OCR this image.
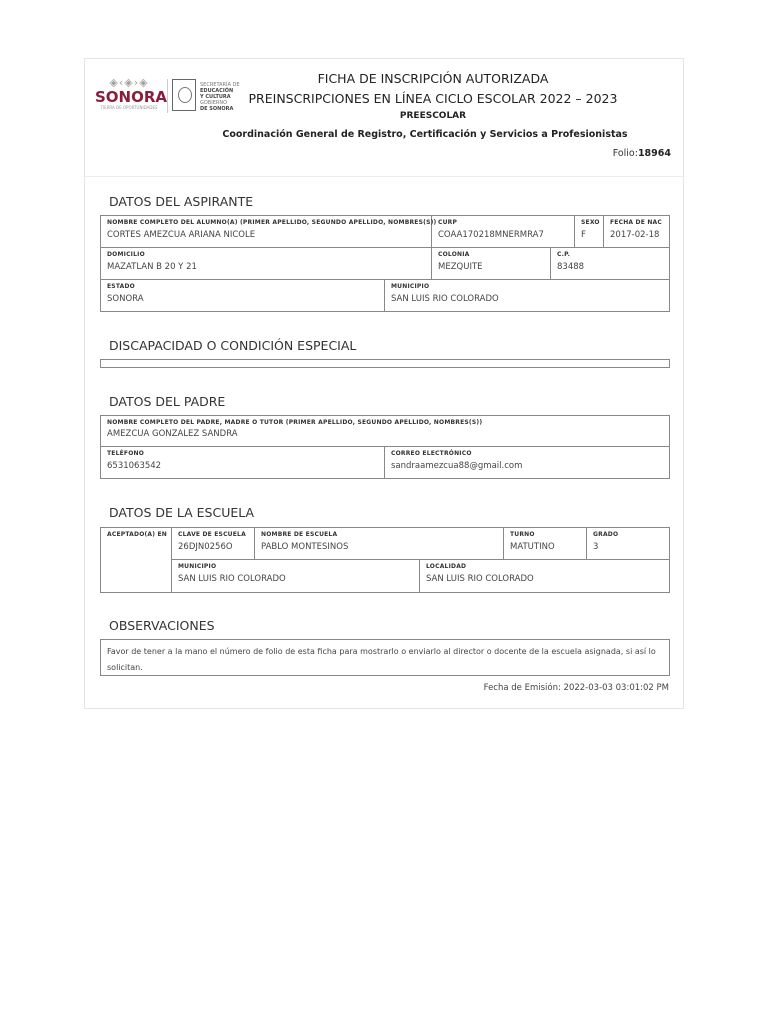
◈‹◈›◈
SONORA
TIERRA DE OPORTUNIDADES
SECRETARÍA DE
EDUCACIÓN
Y CULTURA
GOBIERNO
DE SONORA
FICHA DE INSCRIPCIÓN AUTORIZADA
PREINSCRIPCIONES EN LÍNEA CICLO ESCOLAR 2022 – 2023
PREESCOLAR
Coordinación General de Registro, Certificación y Servicios a Profesionistas
Folio:18964
DATOS DEL ASPIRANTE
NOMBRE COMPLETO DEL ALUMNO(A) (PRIMER APELLIDO, SEGUNDO APELLIDO, NOMBRES(S))
CORTES AMEZCUA ARIANA NICOLE
CURP
COAA170218MNERMRA7
SEXO
F
FECHA DE NAC
2017-02-18
DOMICILIO
MAZATLAN B 20 Y 21
COLONIA
MEZQUITE
C.P.
83488
ESTADO
SONORA
MUNICIPIO
SAN LUIS RIO COLORADO
DISCAPACIDAD O CONDICIÓN ESPECIAL
DATOS DEL PADRE
NOMBRE COMPLETO DEL PADRE, MADRE O TUTOR (PRIMER APELLIDO, SEGUNDO APELLIDO, NOMBRES(S))
AMEZCUA GONZALEZ SANDRA
TELÉFONO
6531063542
CORREO ELECTRÓNICO
sandraamezcua88@gmail.com
DATOS DE LA ESCUELA
ACEPTADO(A) EN CLAVE DE ESCUELA
26DJN0256O
NOMBRE DE ESCUELA
PABLO MONTESINOS
TURNO
MATUTINO
GRADO
3
MUNICIPIO
SAN LUIS RIO COLORADO
LOCALIDAD
SAN LUIS RIO COLORADO
OBSERVACIONES
Favor de tener a la mano el número de folio de esta ficha para mostrarlo o enviarlo al director o docente de la escuela asignada, si así lo solicitan.
Fecha de Emisión: 2022-03-03 03:01:02 PM
